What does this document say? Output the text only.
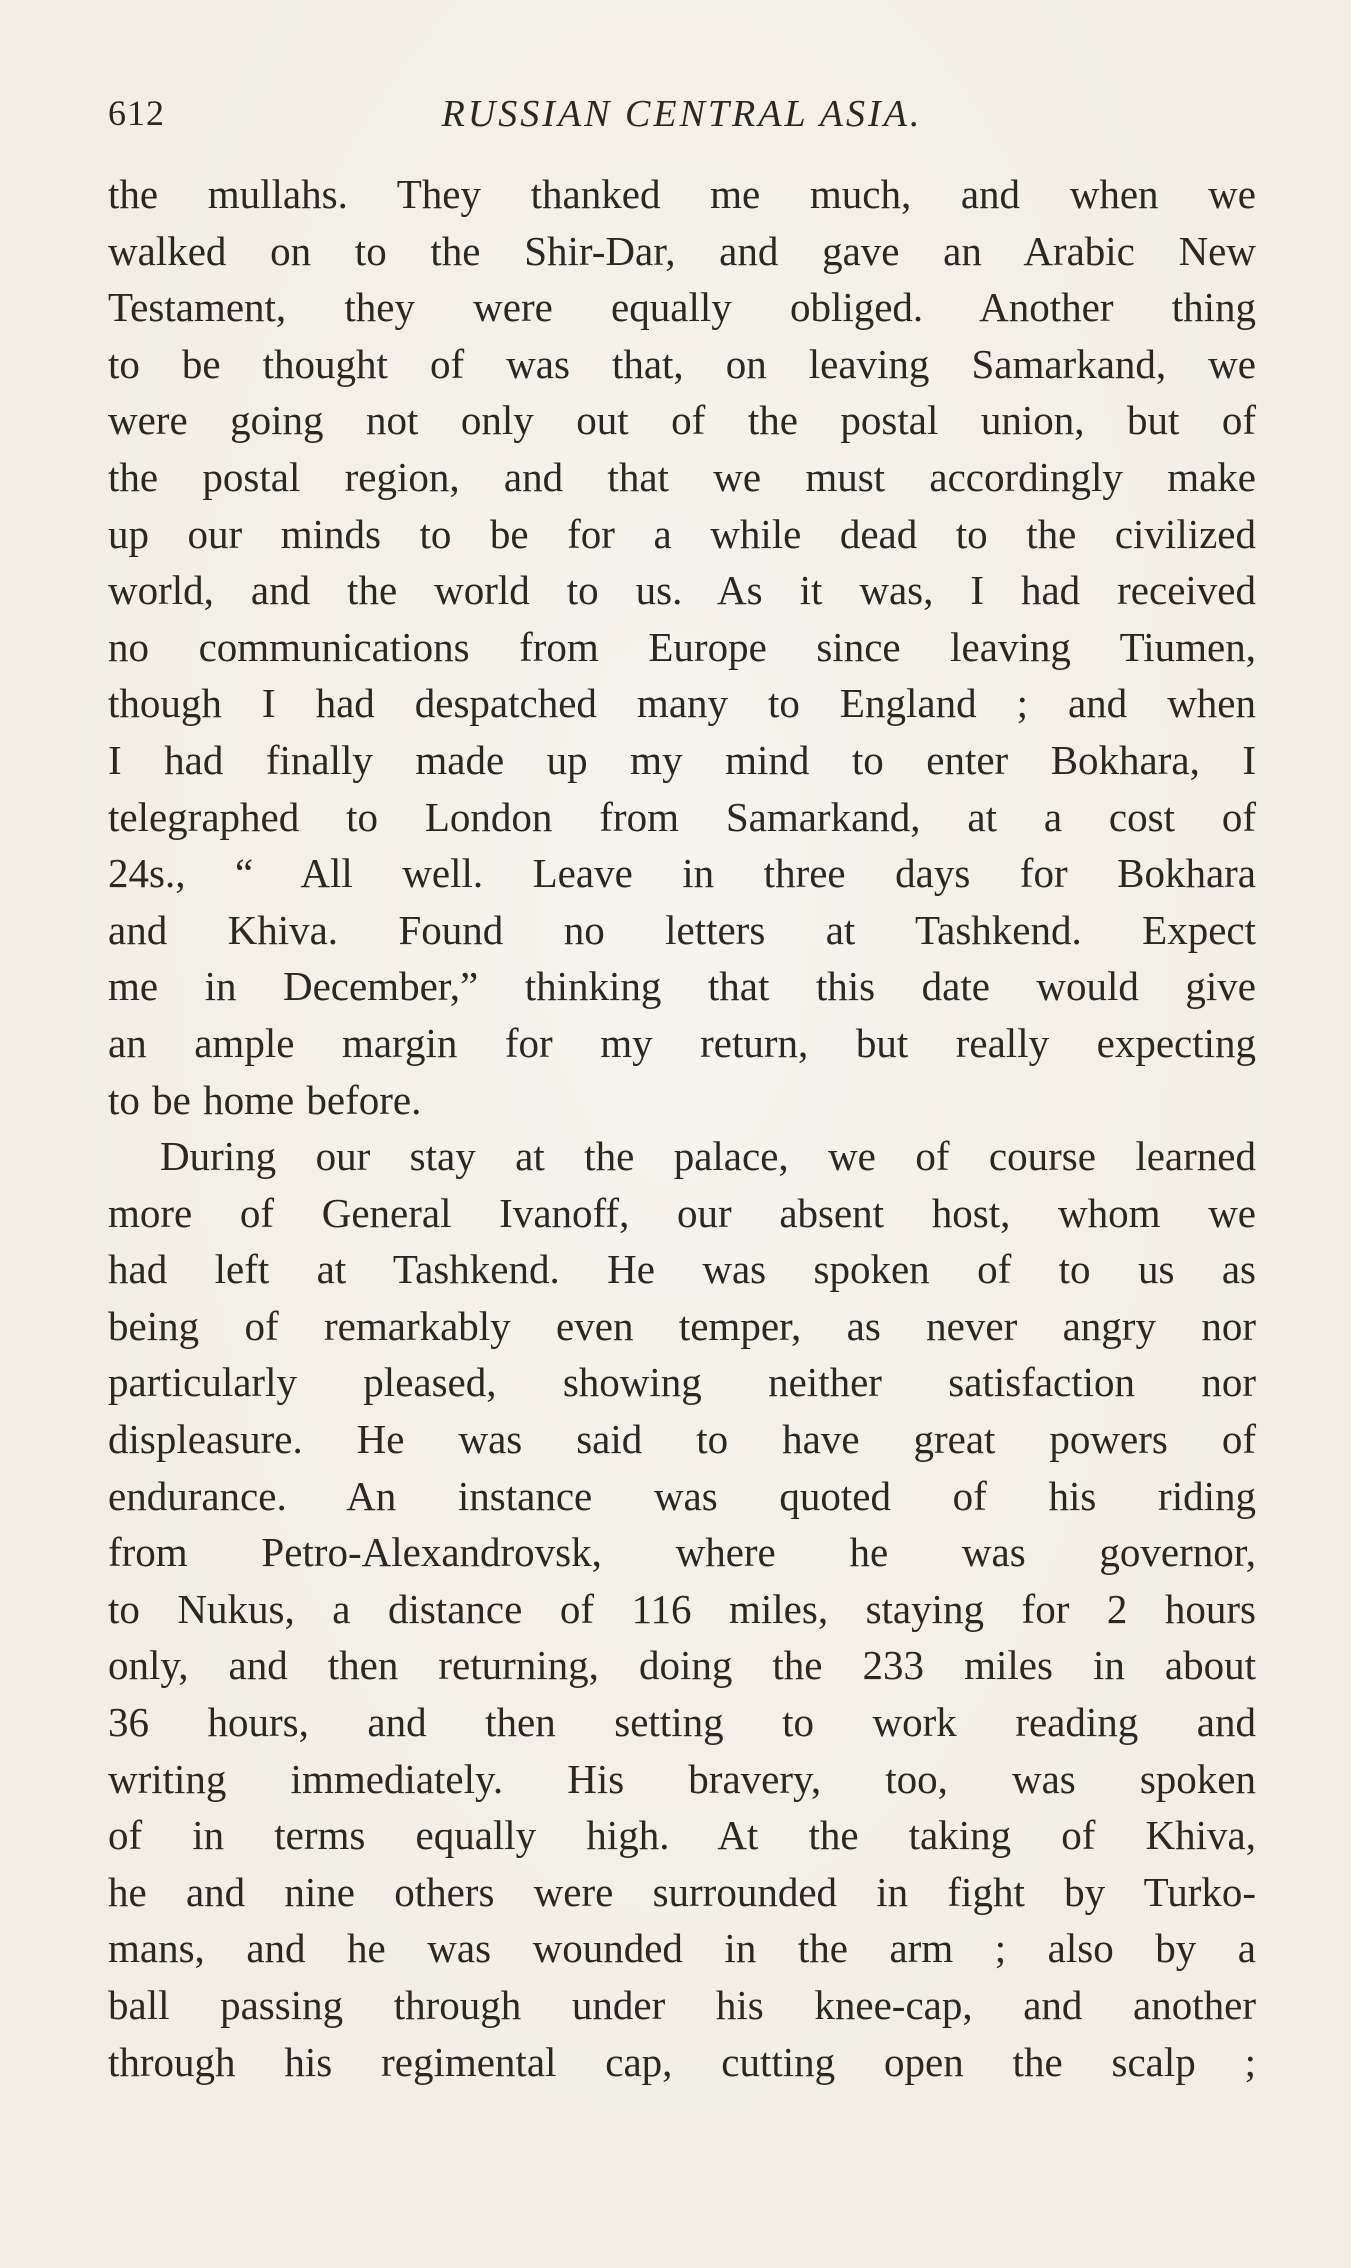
612	RUSSIAN CENTRAL ASIA.
the mullahs. They thanked me much, and when we
walked on to the Shir-Dar, and gave an Arabic New
Testament, they were equally obliged. Another thing
to be thought of was that, on leaving Samarkand, we
were going not only out of the postal union, but of
the postal region, and that we must accordingly make
up our minds to be for a while dead to the civilized
world, and the world to us. As it was, I had received
no communications from Europe since leaving Tiumen,
though I had despatched many to England ; and when
I had finally made up my mind to enter Bokhara, I
telegraphed to London from Samarkand, at a cost of
24s., “ All well. Leave in three days for Bokhara
and Khiva. Found no letters at Tashkend. Expect
me in December,” thinking that this date would give
an ample margin for my return, but really expecting
to be home before.
During our stay at the palace, we of course learned
more of General Ivanoff, our absent host, whom we
had left at Tashkend. He was spoken of to us as
being of remarkably even temper, as never angry nor
particularly pleased, showing neither satisfaction nor
displeasure. He was said to have great powers of
endurance. An instance was quoted of his riding
from Petro-Alexandrovsk, where he was governor,
to Nukus, a distance of 116 miles, staying for 2 hours
only, and then returning, doing the 233 miles in about
36 hours, and then setting to work reading and
writing immediately. His bravery, too, was spoken
of in terms equally high. At the taking of Khiva,
he and nine others were surrounded in fight by Turko-
mans, and he was wounded in the arm ; also by a
ball passing through under his knee-cap, and another
through his regimental cap, cutting open the scalp ;
